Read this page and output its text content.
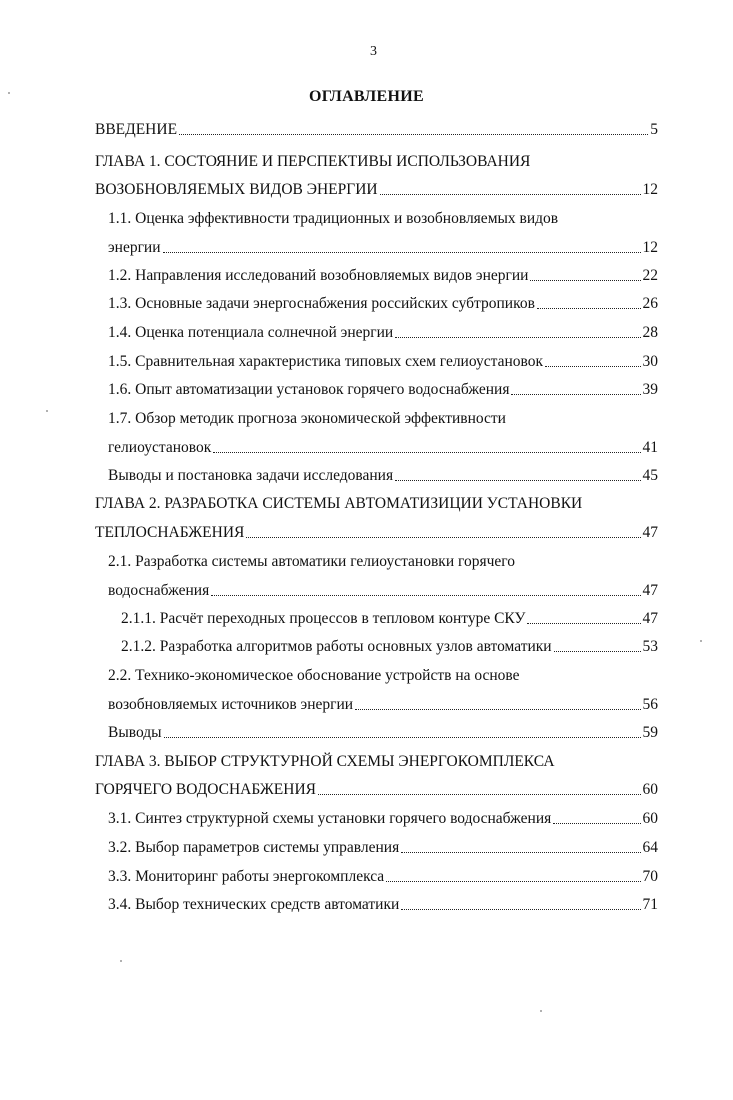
3
ОГЛАВЛЕНИЕ
ВВЕДЕНИЕ	5
ГЛАВА 1. СОСТОЯНИЕ И ПЕРСПЕКТИВЫ ИСПОЛЬЗОВАНИЯ
ВОЗОБНОВЛЯЕМЫХ ВИДОВ ЭНЕРГИИ	12
1.1. Оценка эффективности традиционных и возобновляемых видов
энергии	12
1.2. Направления исследований возобновляемых видов энергии	22
1.3. Основные задачи энергоснабжения российских субтропиков	26
1.4. Оценка потенциала солнечной энергии	28
1.5. Сравнительная характеристика типовых схем гелиоустановок	30
1.6. Опыт автоматизации установок горячего водоснабжения	39
1.7. Обзор методик прогноза экономической эффективности
гелиоустановок	41
Выводы и постановка задачи исследования	45
ГЛАВА 2. РАЗРАБОТКА СИСТЕМЫ АВТОМАТИЗИЦИИ УСТАНОВКИ
ТЕПЛОСНАБЖЕНИЯ	47
2.1. Разработка системы автоматики гелиоустановки горячего
водоснабжения	47
2.1.1. Расчёт переходных процессов в тепловом контуре СКУ	47
2.1.2. Разработка алгоритмов работы основных узлов автоматики	53
2.2. Технико-экономическое обоснование устройств на основе
возобновляемых источников энергии	56
Выводы	59
ГЛАВА 3. ВЫБОР СТРУКТУРНОЙ СХЕМЫ ЭНЕРГОКОМПЛЕКСА
ГОРЯЧЕГО ВОДОСНАБЖЕНИЯ	60
3.1. Синтез структурной схемы установки горячего водоснабжения	60
3.2. Выбор параметров системы управления	64
3.3. Мониторинг работы энергокомплекса	70
3.4. Выбор технических средств автоматики	71
